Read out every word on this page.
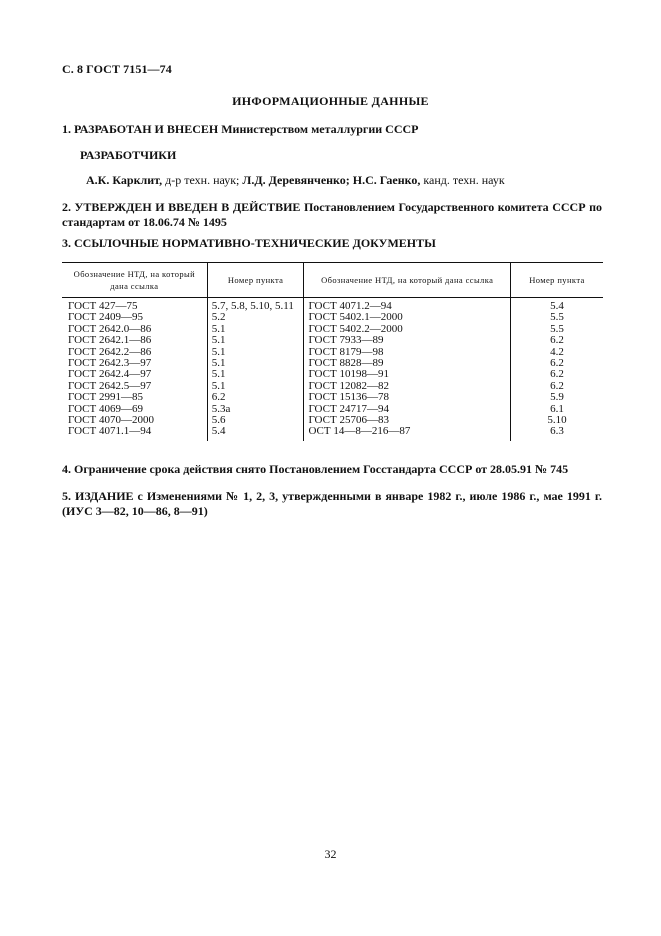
С. 8 ГОСТ 7151—74
ИНФОРМАЦИОННЫЕ ДАННЫЕ
1. РАЗРАБОТАН И ВНЕСЕН Министерством металлургии СССР
РАЗРАБОТЧИКИ
А.К. Карклит, д-р техн. наук; Л.Д. Деревянченко; Н.С. Гаенко, канд. техн. наук
2. УТВЕРЖДЕН И ВВЕДЕН В ДЕЙСТВИЕ Постановлением Государственного комитета СССР по стандартам от 18.06.74 № 1495
3. ССЫЛОЧНЫЕ НОРМАТИВНО-ТЕХНИЧЕСКИЕ ДОКУМЕНТЫ
Обозначение НТД, на который дана ссылка	Номер пункта	Обозначение НТД, на который дана ссылка	Номер пункта
ГОСТ 427—75	5.7, 5.8, 5.10, 5.11	ГОСТ 4071.2—94	5.4
ГОСТ 2409—95	5.2	ГОСТ 5402.1—2000	5.5
ГОСТ 2642.0—86	5.1	ГОСТ 5402.2—2000	5.5
ГОСТ 2642.1—86	5.1	ГОСТ 7933—89	6.2
ГОСТ 2642.2—86	5.1	ГОСТ 8179—98	4.2
ГОСТ 2642.3—97	5.1	ГОСТ 8828—89	6.2
ГОСТ 2642.4—97	5.1	ГОСТ 10198—91	6.2
ГОСТ 2642.5—97	5.1	ГОСТ 12082—82	6.2
ГОСТ 2991—85	6.2	ГОСТ 15136—78	5.9
ГОСТ 4069—69	5.3а	ГОСТ 24717—94	6.1
ГОСТ 4070—2000	5.6	ГОСТ 25706—83	5.10
ГОСТ 4071.1—94	5.4	ОСТ 14—8—216—87	6.3
4. Ограничение срока действия снято Постановлением Госстандарта СССР от 28.05.91 № 745
5. ИЗДАНИЕ с Изменениями № 1, 2, 3, утвержденными в январе 1982 г., июле 1986 г., мае 1991 г. (ИУС 3—82, 10—86, 8—91)
32
